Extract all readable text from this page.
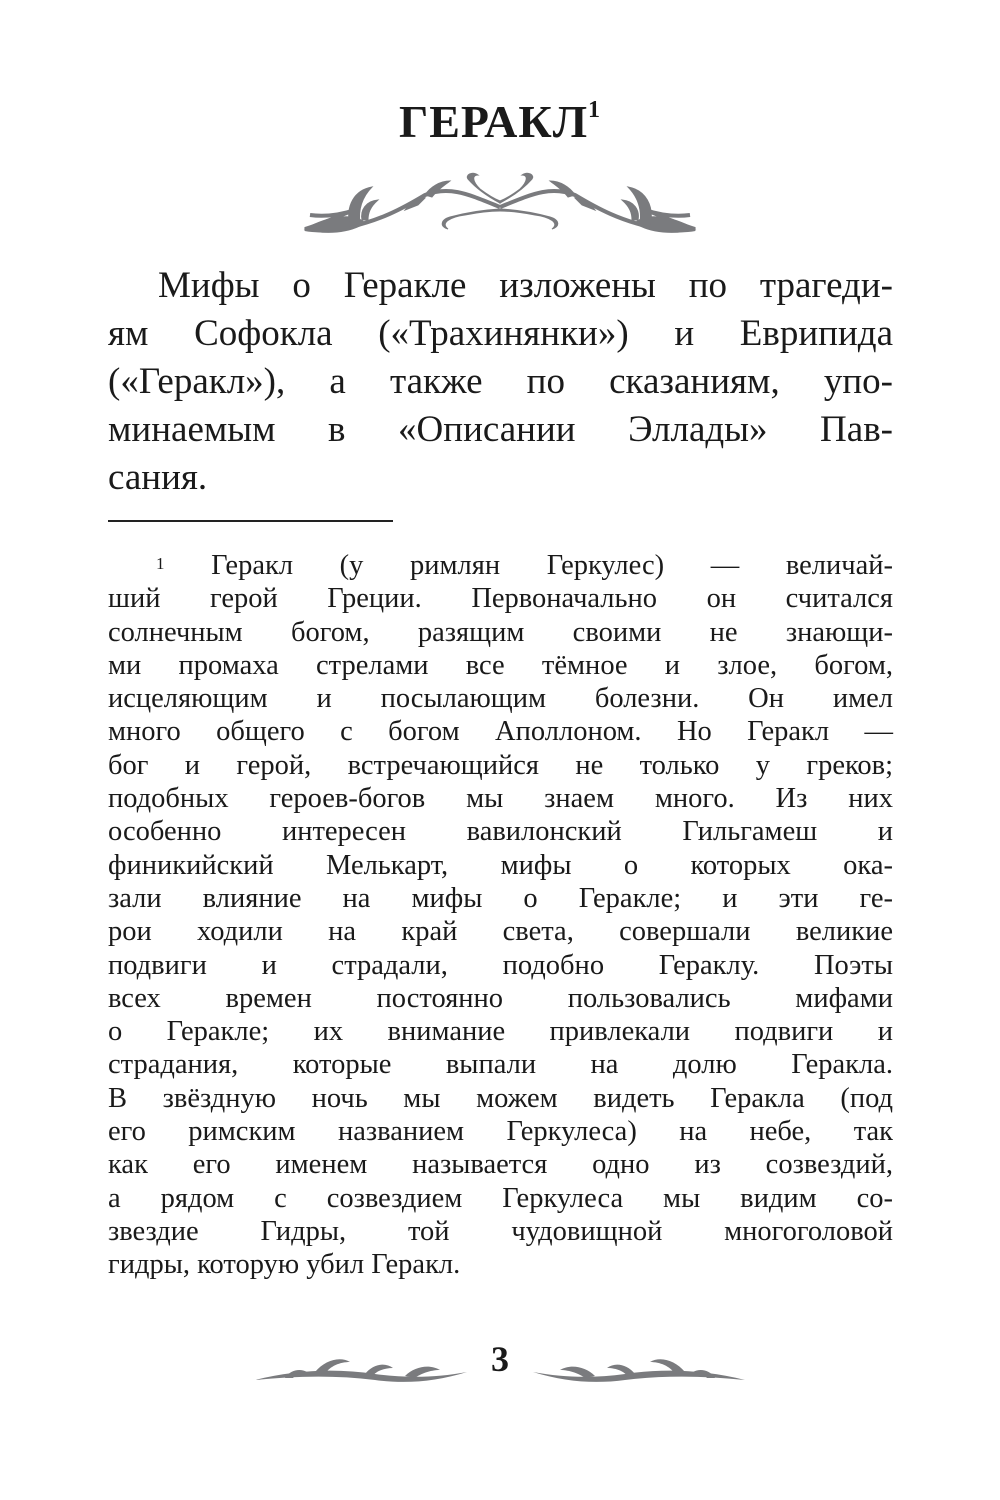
ГЕРАКЛ$^1$
Мифы о Геракле изложены по трагеди-
ям Софокла («Трахинянки») и Еврипида
(«Геракл»), а также по сказаниям, упо-
минаемым в «Описании Эллады» Пав-
сания.
$^1$ Геракл (у римлян Геркулес) — величай-
ший герой Греции. Первоначально он считался
солнечным богом, разящим своими не знающи-
ми промаха стрелами все тёмное и злое, богом,
исцеляющим и посылающим болезни. Он имел
много общего с богом Аполлоном. Но Геракл —
бог и герой, встречающийся не только у греков;
подобных героев-богов мы знаем много. Из них
особенно интересен вавилонский Гильгамеш и
финикийский Мелькарт, мифы о которых ока-
зали влияние на мифы о Геракле; и эти ге-
рои ходили на край света, совершали великие
подвиги и страдали, подобно Гераклу. Поэты
всех времен постоянно пользовались мифами
о Геракле; их внимание привлекали подвиги и
страдания, которые выпали на долю Геракла.
В звёздную ночь мы можем видеть Геракла (под
его римским названием Геркулеса) на небе, так
как его именем называется одно из созвездий,
а рядом с созвездием Геркулеса мы видим со-
звездие Гидры, той чудовищной многоголовой
гидры, которую убил Геракл.
3
